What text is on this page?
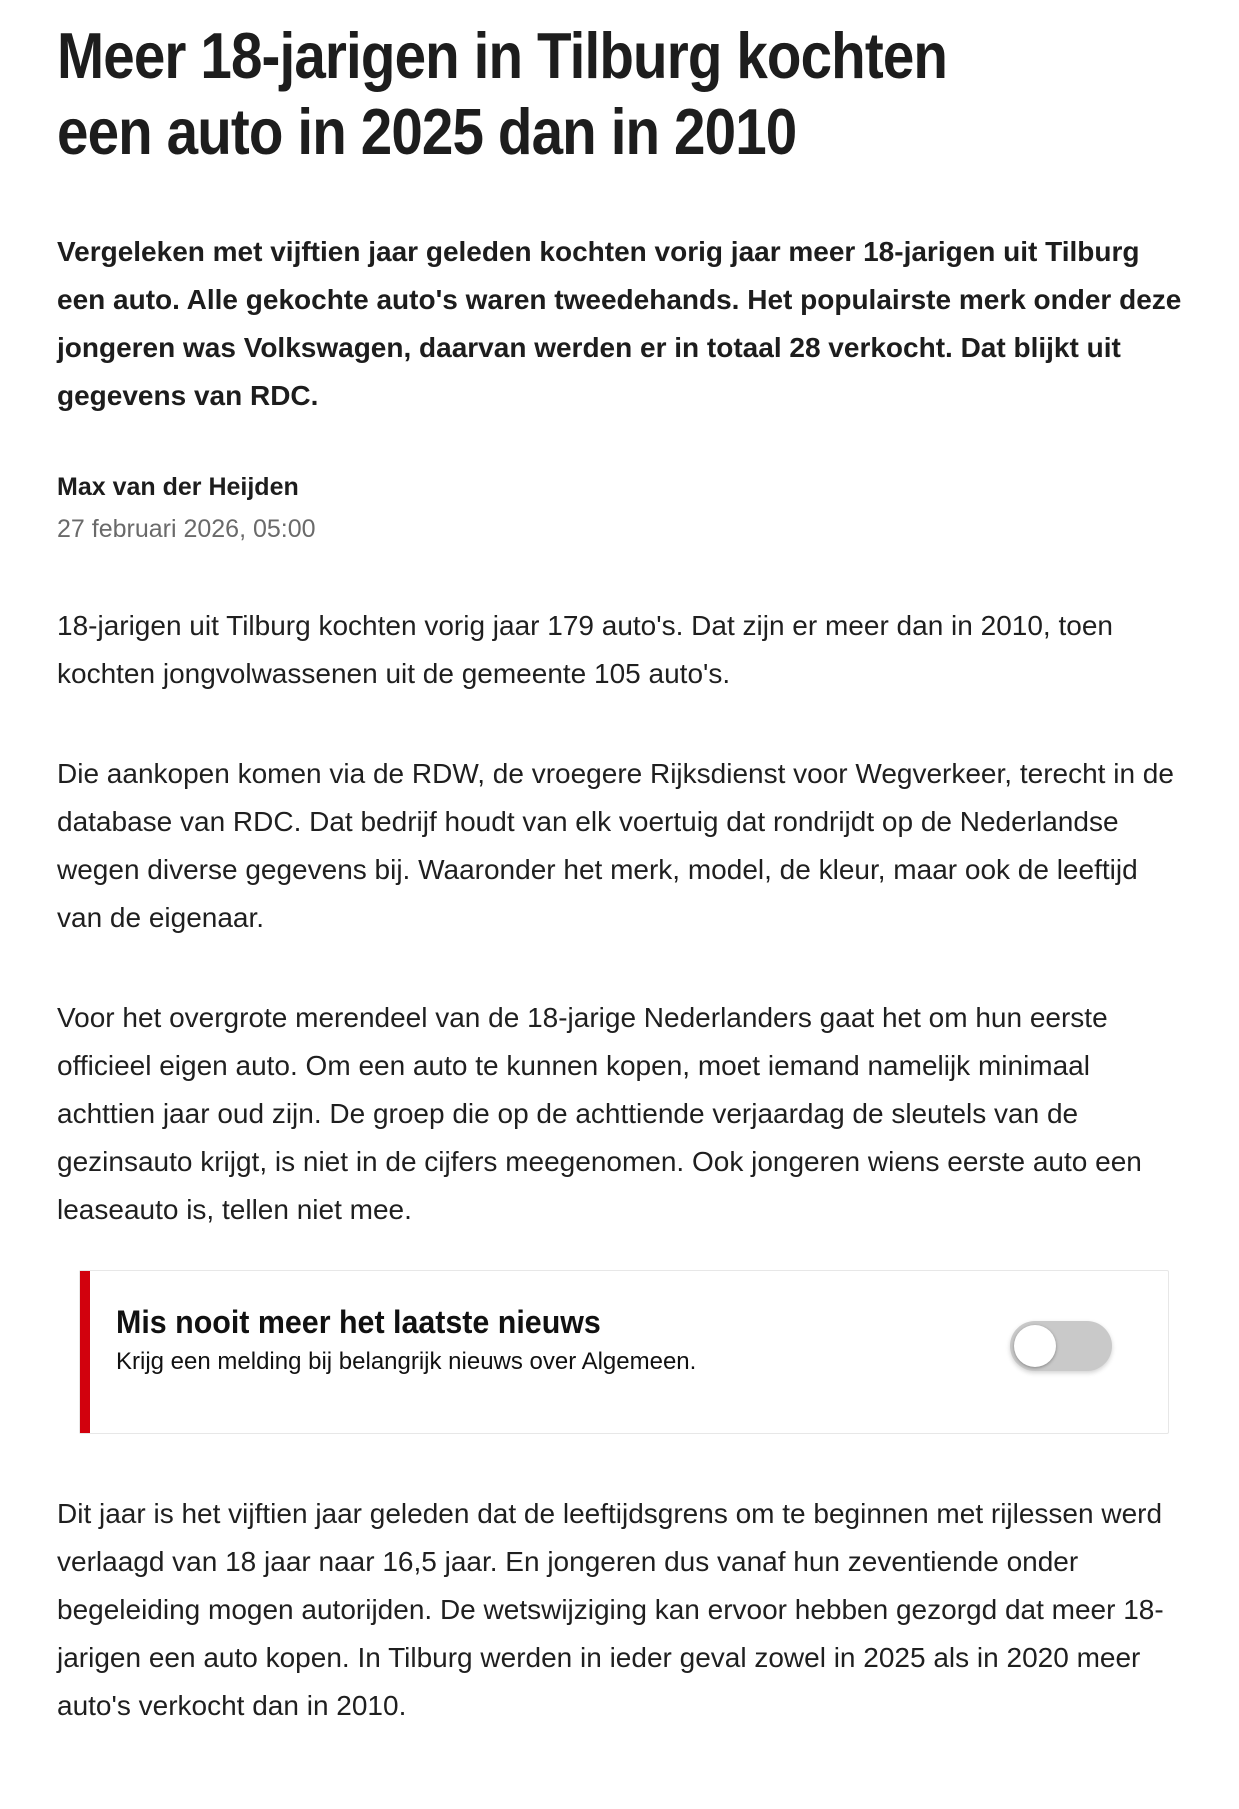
Meer 18-jarigen in Tilburg kochten
een auto in 2025 dan in 2010

Vergeleken met vijftien jaar geleden kochten vorig jaar meer 18-jarigen uit Tilburg een auto. Alle gekochte auto's waren tweedehands. Het populairste merk onder deze jongeren was Volkswagen, daarvan werden er in totaal 28 verkocht. Dat blijkt uit gegevens van RDC.

Max van der Heijden
27 februari 2026, 05:00

18-jarigen uit Tilburg kochten vorig jaar 179 auto's. Dat zijn er meer dan in 2010, toen kochten jongvolwassenen uit de gemeente 105 auto's.

Die aankopen komen via de RDW, de vroegere Rijksdienst voor Wegverkeer, terecht in de database van RDC. Dat bedrijf houdt van elk voertuig dat rondrijdt op de Nederlandse wegen diverse gegevens bij. Waaronder het merk, model, de kleur, maar ook de leeftijd van de eigenaar.

Voor het overgrote merendeel van de 18-jarige Nederlanders gaat het om hun eerste officieel eigen auto. Om een auto te kunnen kopen, moet iemand namelijk minimaal achttien jaar oud zijn. De groep die op de achttiende verjaardag de sleutels van de gezinsauto krijgt, is niet in de cijfers meegenomen. Ook jongeren wiens eerste auto een leaseauto is, tellen niet mee.

Mis nooit meer het laatste nieuws
Krijg een melding bij belangrijk nieuws over Algemeen.

Dit jaar is het vijftien jaar geleden dat de leeftijdsgrens om te beginnen met rijlessen werd verlaagd van 18 jaar naar 16,5 jaar. En jongeren dus vanaf hun zeventiende onder begeleiding mogen autorijden. De wetswijziging kan ervoor hebben gezorgd dat meer 18-jarigen een auto kopen. In Tilburg werden in ieder geval zowel in 2025 als in 2020 meer auto's verkocht dan in 2010.
